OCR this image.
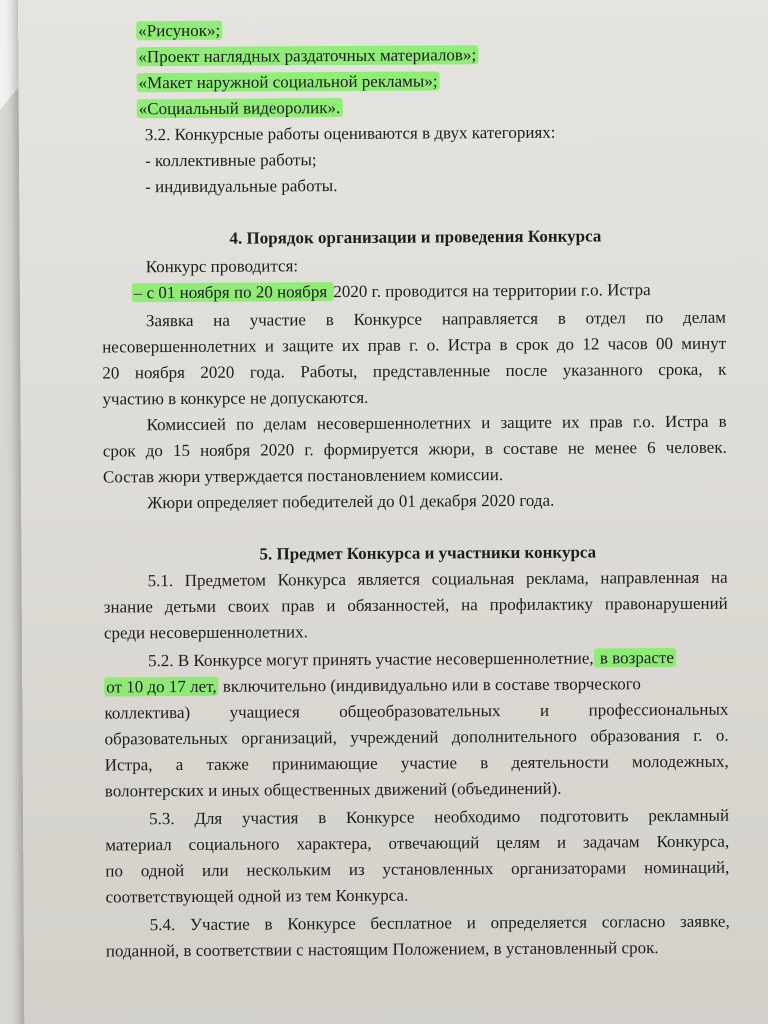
«Рисунок»;
«Проект наглядных раздаточных материалов»;
«Макет наружной социальной рекламы»;
«Социальный видеоролик».
3.2. Конкурсные работы оцениваются в двух категориях:
- коллективные работы;
- индивидуальные работы.
4. Порядок организации и проведения Конкурса
Конкурс проводится:
– с 01 ноября по 20 ноября 2020 г. проводится на территории г.о. Истра
Заявка на участие в Конкурсе направляется в отдел по делам
несовершеннолетних и защите их прав г. о. Истра в срок до 12 часов 00 минут
20 ноября 2020 года. Работы, представленные после указанного срока, к
участию в конкурсе не допускаются.
Комиссией по делам несовершеннолетних и защите их прав г.о. Истра в
срок до 15 ноября 2020 г. формируется жюри, в составе не менее 6 человек.
Состав жюри утверждается постановлением комиссии.
Жюри определяет победителей до 01 декабря 2020 года.
5. Предмет Конкурса и участники конкурса
5.1. Предметом Конкурса является социальная реклама, направленная на
знание детьми своих прав и обязанностей, на профилактику правонарушений
среди несовершеннолетних.
5.2. В Конкурсе могут принять участие несовершеннолетние, в возрасте
от 10 до 17 лет, включительно (индивидуально или в составе творческого
коллектива) учащиеся общеобразовательных и профессиональных
образовательных организаций, учреждений дополнительного образования г. о.
Истра, а также принимающие участие в деятельности молодежных,
волонтерских и иных общественных движений (объединений).
5.3. Для участия в Конкурсе необходимо подготовить рекламный
материал социального характера, отвечающий целям и задачам Конкурса,
по одной или нескольким из установленных организаторами номинаций,
соответствующей одной из тем Конкурса.
5.4. Участие в Конкурсе бесплатное и определяется согласно заявке,
поданной, в соответствии с настоящим Положением, в установленный срок.
